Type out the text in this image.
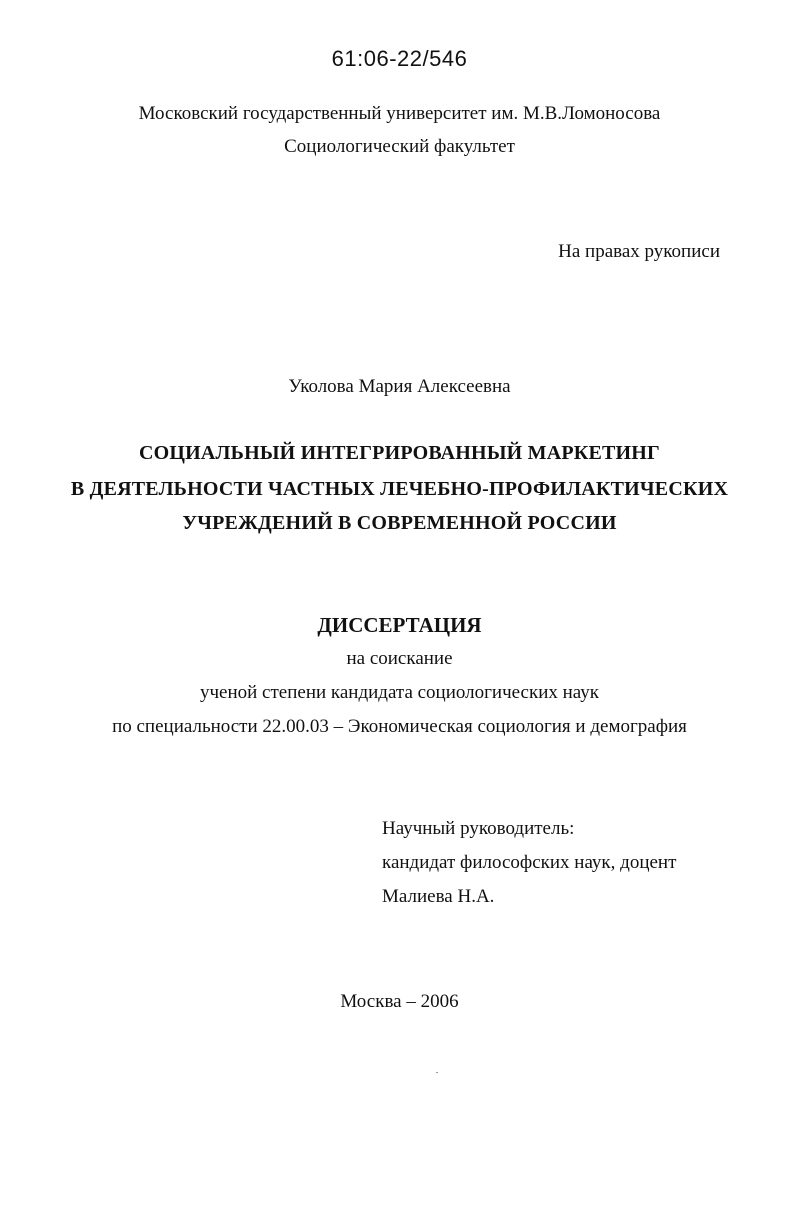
61:06-22/546
Московский государственный университет им. М.В.Ломоносова
Социологический факультет
На правах рукописи
Уколова Мария Алексеевна
СОЦИАЛЬНЫЙ ИНТЕГРИРОВАННЫЙ МАРКЕТИНГ
В ДЕЯТЕЛЬНОСТИ ЧАСТНЫХ ЛЕЧЕБНО-ПРОФИЛАКТИЧЕСКИХ
УЧРЕЖДЕНИЙ В СОВРЕМЕННОЙ РОССИИ
ДИССЕРТАЦИЯ
на соискание
ученой степени кандидата социологических наук
по специальности 22.00.03 – Экономическая социология и демография
Научный руководитель:
кандидат философских наук, доцент
Малиева Н.А.
Москва – 2006
